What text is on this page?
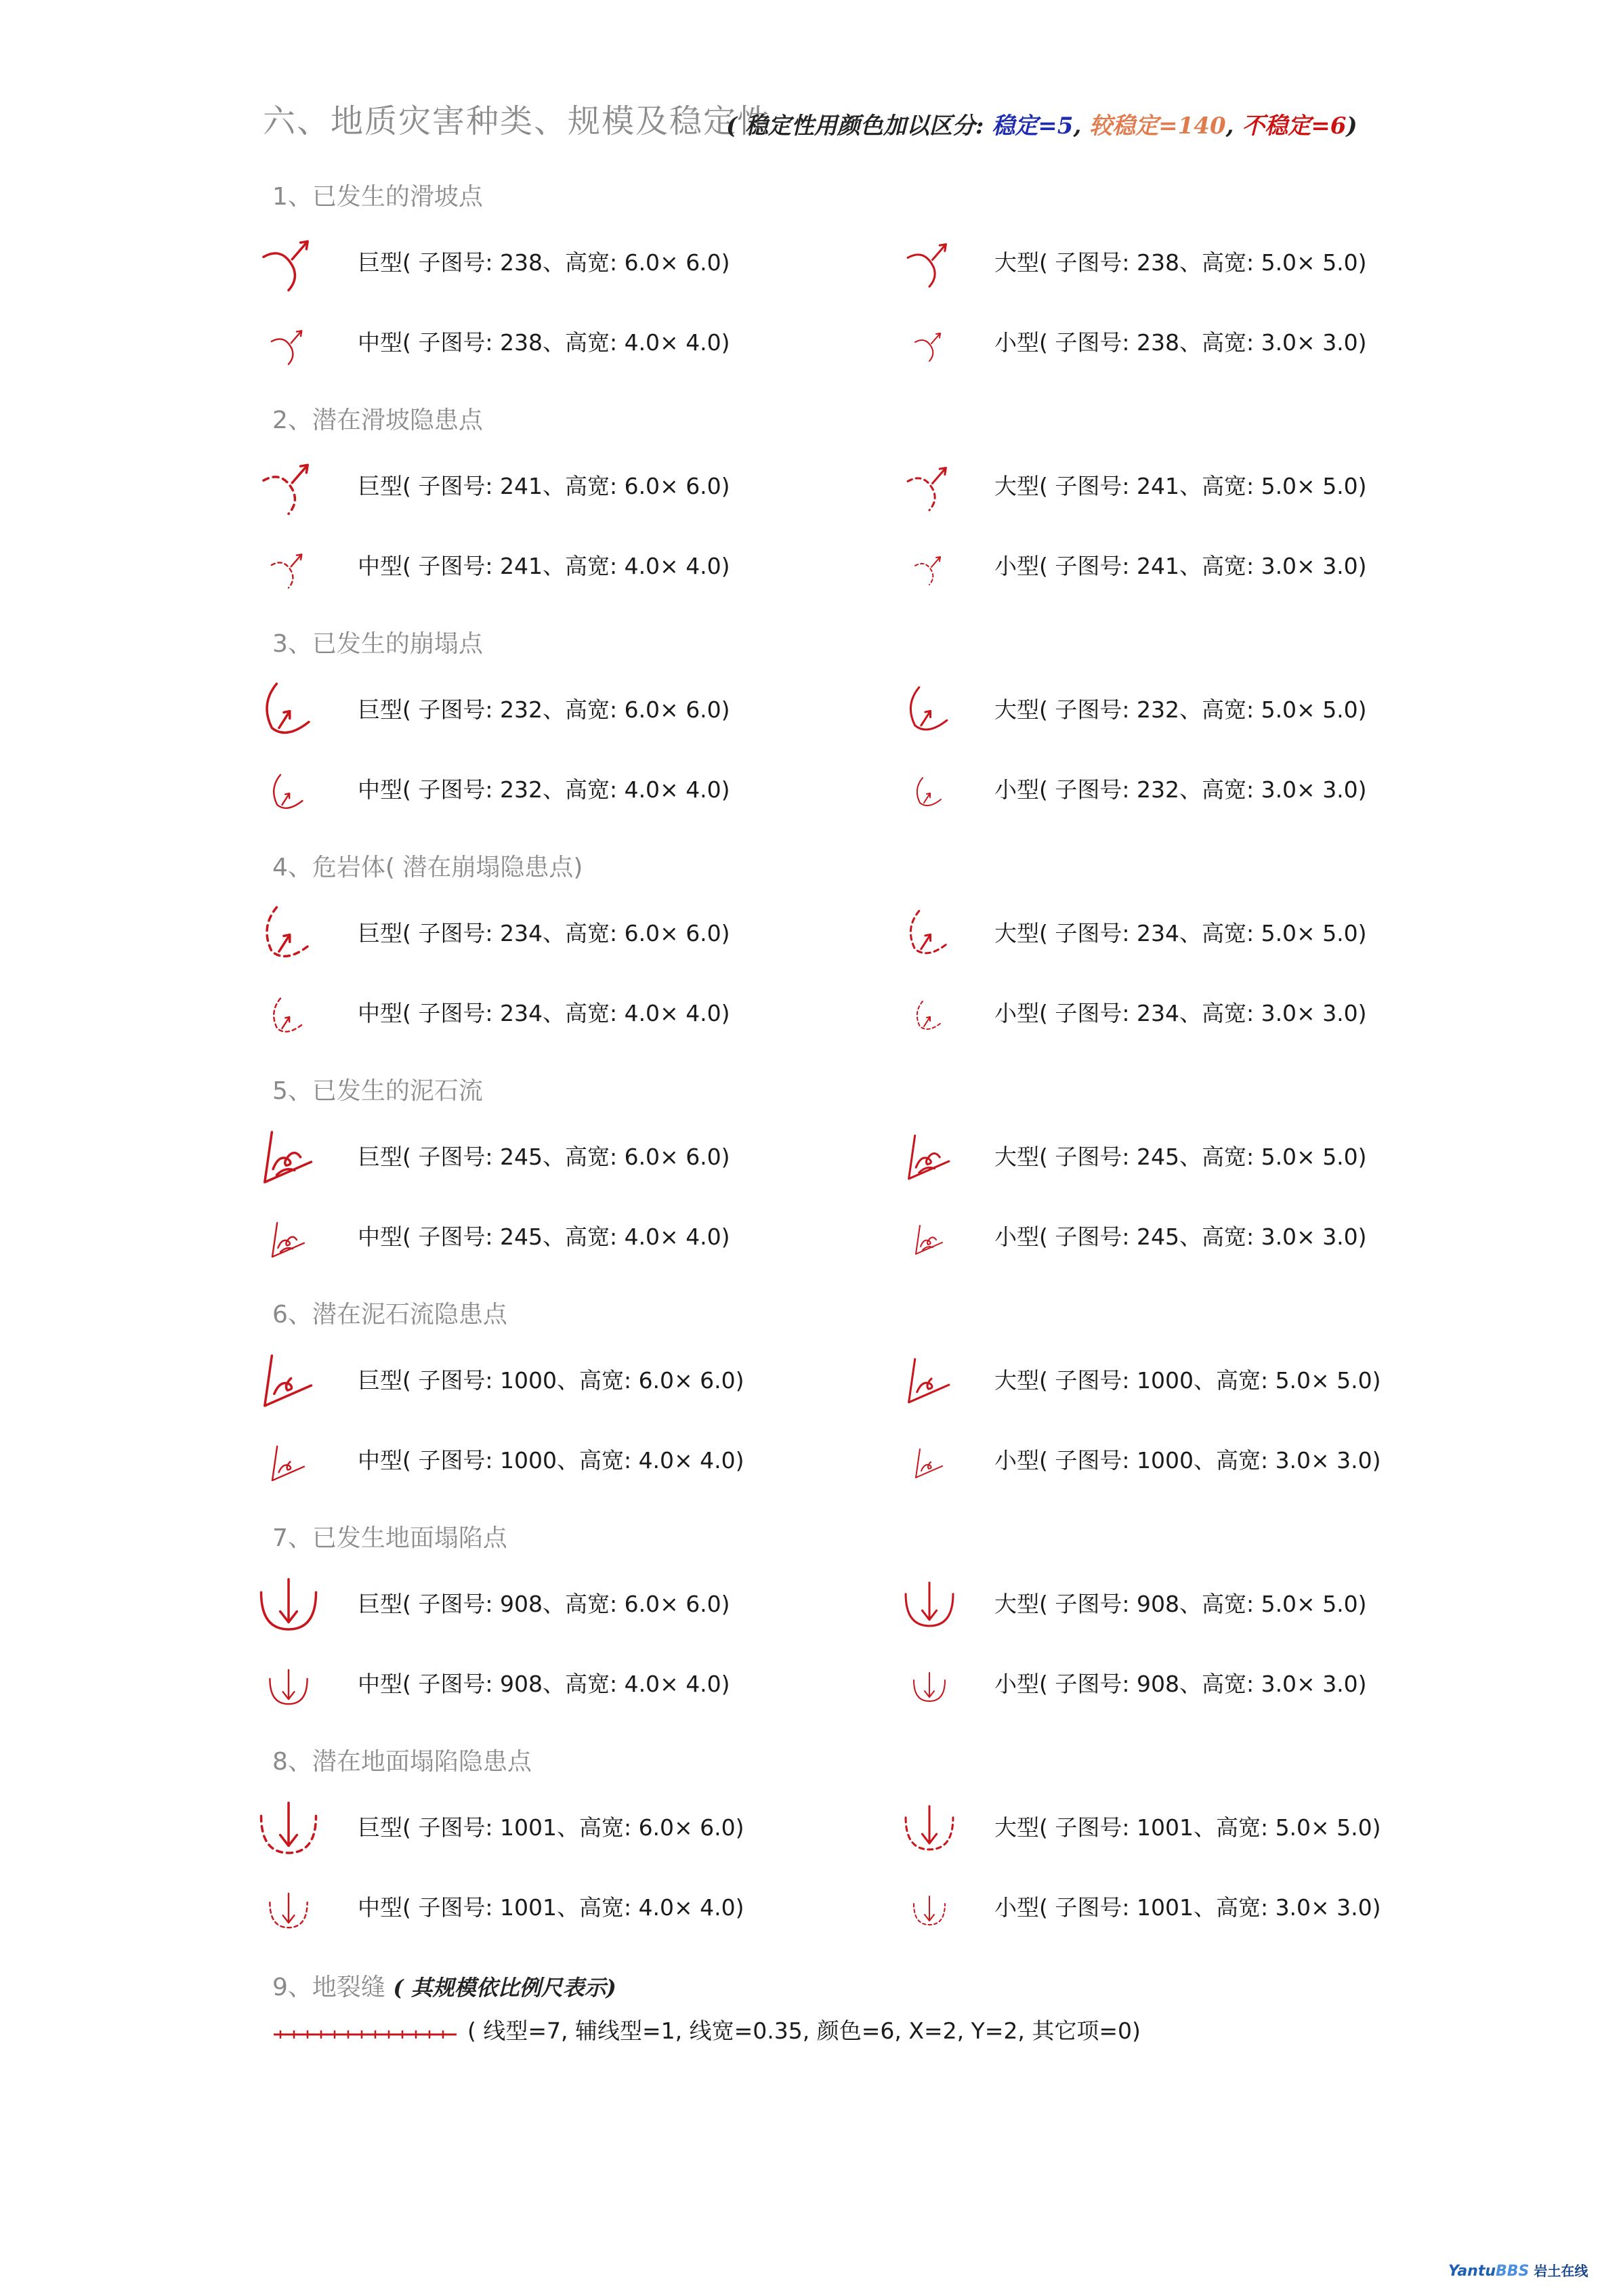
六、地质灾害种类、规模及稳定性
( 稳定性用颜色加以区分: 稳定=5, 较稳定=140, 不稳定=6)
1、已发生的滑坡点
巨型( 子图号: 238、高宽: 6.0× 6.0)	大型( 子图号: 238、高宽: 5.0× 5.0)
中型( 子图号: 238、高宽: 4.0× 4.0)	小型( 子图号: 238、高宽: 3.0× 3.0)
2、潜在滑坡隐患点
巨型( 子图号: 241、高宽: 6.0× 6.0)	大型( 子图号: 241、高宽: 5.0× 5.0)
中型( 子图号: 241、高宽: 4.0× 4.0)	小型( 子图号: 241、高宽: 3.0× 3.0)
3、已发生的崩塌点
巨型( 子图号: 232、高宽: 6.0× 6.0)	大型( 子图号: 232、高宽: 5.0× 5.0)
中型( 子图号: 232、高宽: 4.0× 4.0)	小型( 子图号: 232、高宽: 3.0× 3.0)
4、危岩体( 潜在崩塌隐患点)
巨型( 子图号: 234、高宽: 6.0× 6.0)	大型( 子图号: 234、高宽: 5.0× 5.0)
中型( 子图号: 234、高宽: 4.0× 4.0)	小型( 子图号: 234、高宽: 3.0× 3.0)
5、已发生的泥石流
巨型( 子图号: 245、高宽: 6.0× 6.0)	大型( 子图号: 245、高宽: 5.0× 5.0)
中型( 子图号: 245、高宽: 4.0× 4.0)	小型( 子图号: 245、高宽: 3.0× 3.0)
6、潜在泥石流隐患点
巨型( 子图号: 1000、高宽: 6.0× 6.0)	大型( 子图号: 1000、高宽: 5.0× 5.0)
中型( 子图号: 1000、高宽: 4.0× 4.0)	小型( 子图号: 1000、高宽: 3.0× 3.0)
7、已发生地面塌陷点
巨型( 子图号: 908、高宽: 6.0× 6.0)	大型( 子图号: 908、高宽: 5.0× 5.0)
中型( 子图号: 908、高宽: 4.0× 4.0)	小型( 子图号: 908、高宽: 3.0× 3.0)
8、潜在地面塌陷隐患点
巨型( 子图号: 1001、高宽: 6.0× 6.0)	大型( 子图号: 1001、高宽: 5.0× 5.0)
中型( 子图号: 1001、高宽: 4.0× 4.0)	小型( 子图号: 1001、高宽: 3.0× 3.0)
9、地裂缝 ( 其规模依比例尺表示)
( 线型=7, 辅线型=1, 线宽=0.35, 颜色=6, X=2, Y=2, 其它项=0)
YantuBBS 岩土在线
